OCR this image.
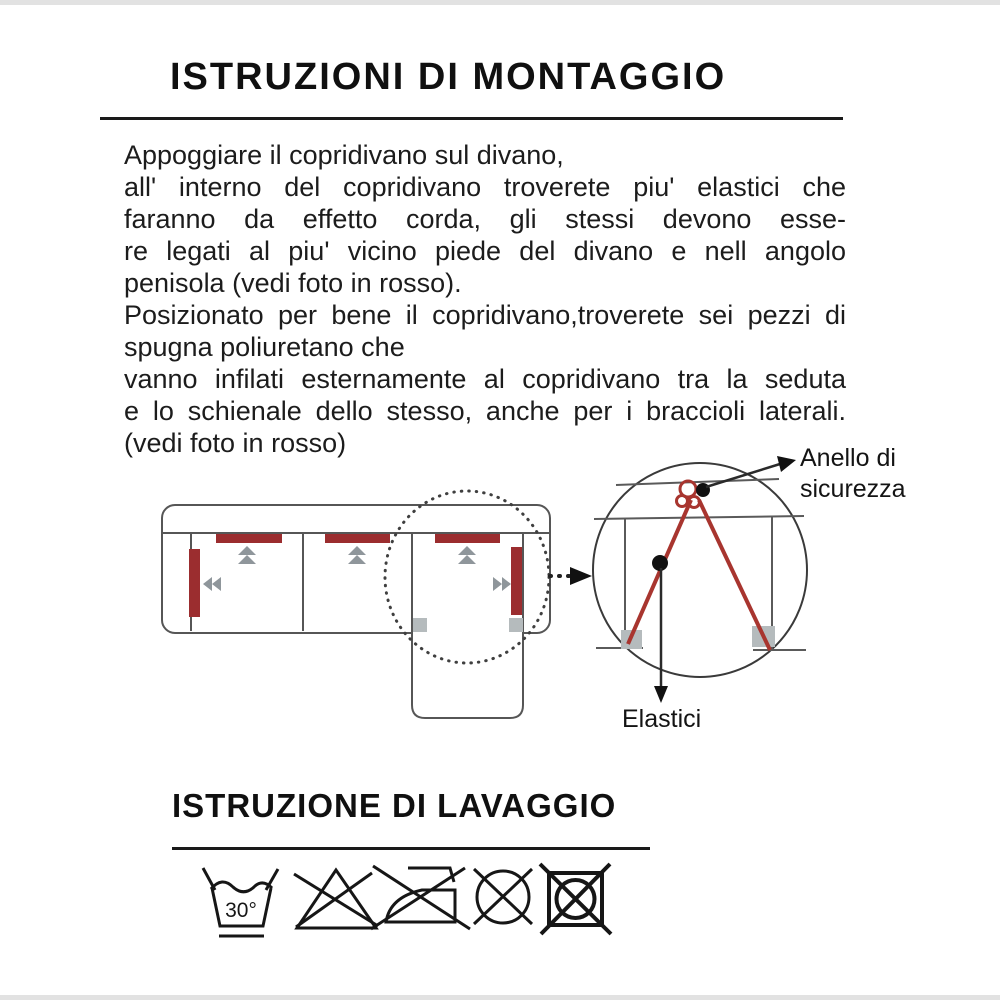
ISTRUZIONI DI MONTAGGIO
Appoggiare il copridivano sul divano,
all' interno del copridivano troverete piu' elastici che
faranno da effetto corda, gli stessi devono esse-
re legati al piu' vicino piede del divano e nell angolo
penisola (vedi foto in rosso).
Posizionato per bene il copridivano,troverete sei pezzi di
spugna poliuretano che
vanno infilati esternamente al copridivano tra la seduta
e lo schienale dello stesso, anche per i braccioli laterali.
(vedi foto in rosso)
30°
Anello di
sicurezza
Elastici
ISTRUZIONE DI LAVAGGIO
